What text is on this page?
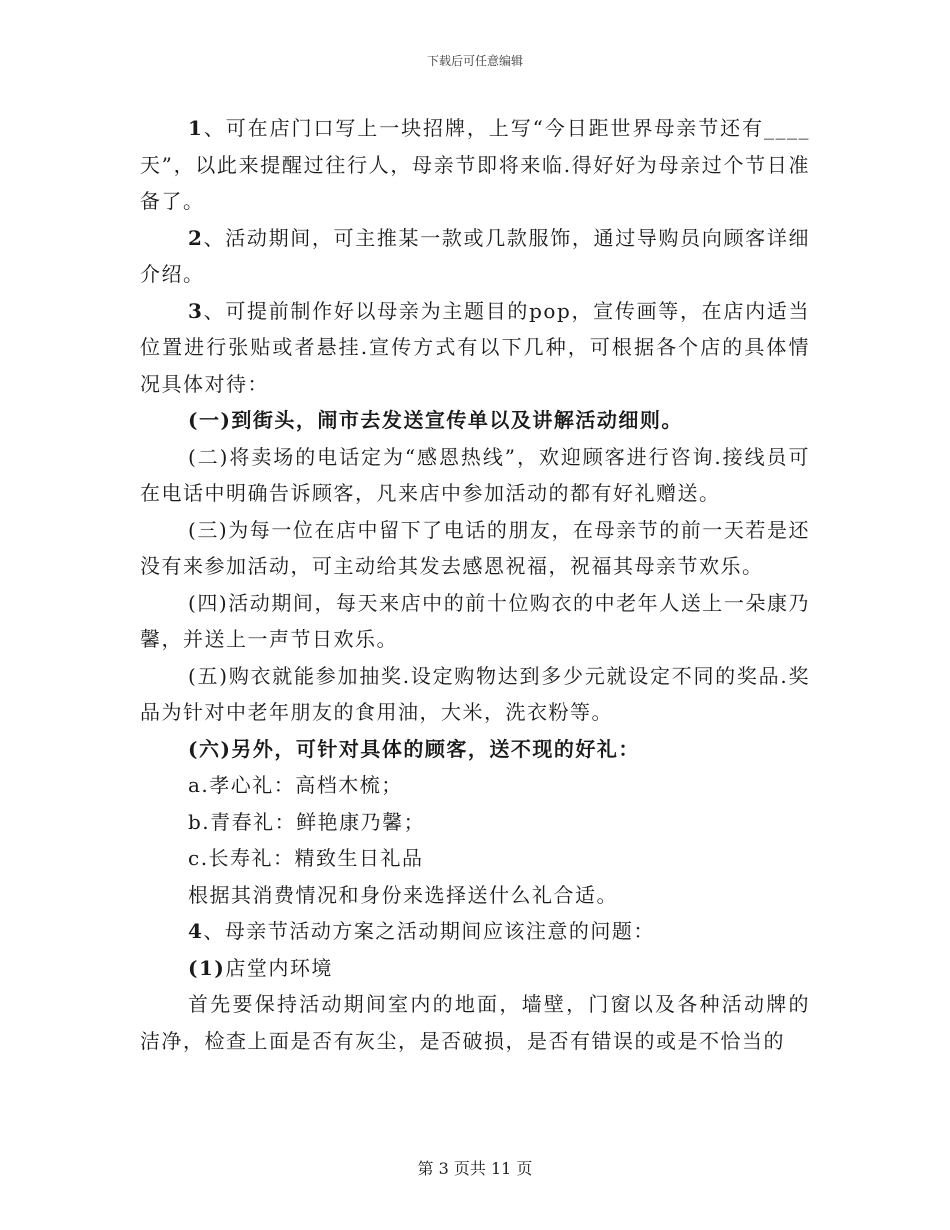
下载后可任意编辑

1、可在店门口写上一块招牌，上写“今日距世界母亲节还有____天”，以此来提醒过往行人，母亲节即将来临.得好好为母亲过个节日准备了。

2、活动期间，可主推某一款或几款服饰，通过导购员向顾客详细介绍。

3、可提前制作好以母亲为主题目的pop，宣传画等，在店内适当位置进行张贴或者悬挂.宣传方式有以下几种，可根据各个店的具体情况具体对待：

(一)到街头，闹市去发送宣传单以及讲解活动细则。

(二)将卖场的电话定为“感恩热线”，欢迎顾客进行咨询.接线员可在电话中明确告诉顾客，凡来店中参加活动的都有好礼赠送。

(三)为每一位在店中留下了电话的朋友，在母亲节的前一天若是还没有来参加活动，可主动给其发去感恩祝福，祝福其母亲节欢乐。

(四)活动期间，每天来店中的前十位购衣的中老年人送上一朵康乃馨，并送上一声节日欢乐。

(五)购衣就能参加抽奖.设定购物达到多少元就设定不同的奖品.奖品为针对中老年朋友的食用油，大米，洗衣粉等。

(六)另外，可针对具体的顾客，送不现的好礼：

a.孝心礼：高档木梳；

b.青春礼：鲜艳康乃馨；

c.长寿礼：精致生日礼品

根据其消费情况和身份来选择送什么礼合适。

4、母亲节活动方案之活动期间应该注意的问题：

(1)店堂内环境

首先要保持活动期间室内的地面，墙壁，门窗以及各种活动牌的洁净，检查上面是否有灰尘，是否破损，是否有错误的或是不恰当的

第 3 页共 11 页
